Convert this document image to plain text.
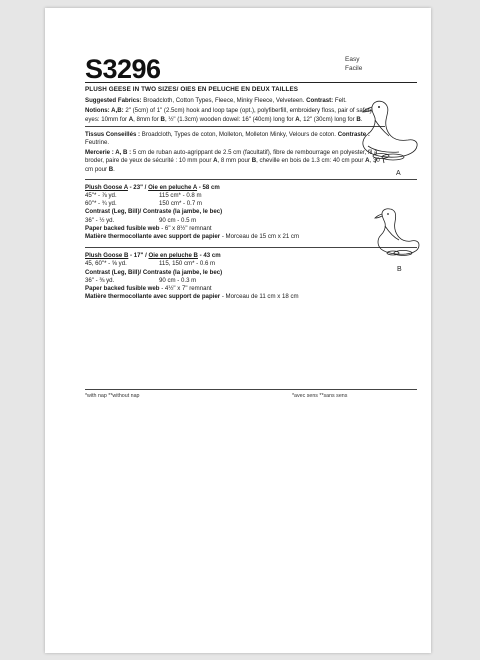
S3296	Easy
Facile
PLUSH GEESE IN TWO SIZES/ OIES EN PELUCHE EN DEUX TAILLES
Suggested Fabrics: Broadcloth, Cotton Types, Fleece, Minky Fleece, Velveteen. Contrast: Felt.
Notions: A,B: 2" (5cm) of 1" (2.5cm) hook and loop tape (opt.), polyfiberfill, embroidery floss, pair of safety eyes: 10mm for A, 8mm for B, ½" (1.3cm) wooden dowel: 16" (40cm) long for A, 12" (30cm) long for B.
Tissus Conseillés : Broadcloth, Types de coton, Molleton, Molleton Minky, Velours de coton. Contraste : Feutrine.
Mercerie : A, B : 5 cm de ruban auto-agrippant de 2.5 cm (facultatif), fibre de rembourrage en polyester, fil à broder, paire de yeux de sécurité : 10 mm pour A, 8 mm pour B, cheville en bois de 1.3 cm: 40 cm pour A, 30 cm pour B.
Plush Goose A - 23" / Oie en peluche A - 58 cm
45"* - ⅞ yd.	115 cm* - 0.8 m
60"* - ¾ yd.	150 cm* - 0.7 m
Contrast (Leg, Bill)/ Contraste (la jambe, le bec)
36" - ½ yd.	90 cm - 0.5 m
Paper backed fusible web - 6" x 8½" remnant
Matière thermocollante avec support de papier - Morceau de 15 cm x 21 cm
Plush Goose B - 17" / Oie en peluche B - 43 cm
45, 60"* - ⅝ yd.	115, 150 cm* - 0.6 m
Contrast (Leg, Bill)/ Contraste (la jambe, le bec)
36" - ⅜ yd.	90 cm - 0.3 m
Paper backed fusible web - 4½" x 7" remnant
Matière thermocollante avec support de papier - Morceau de 11 cm x 18 cm
*with nap **without nap	*avec sens **sans sens
A
B
